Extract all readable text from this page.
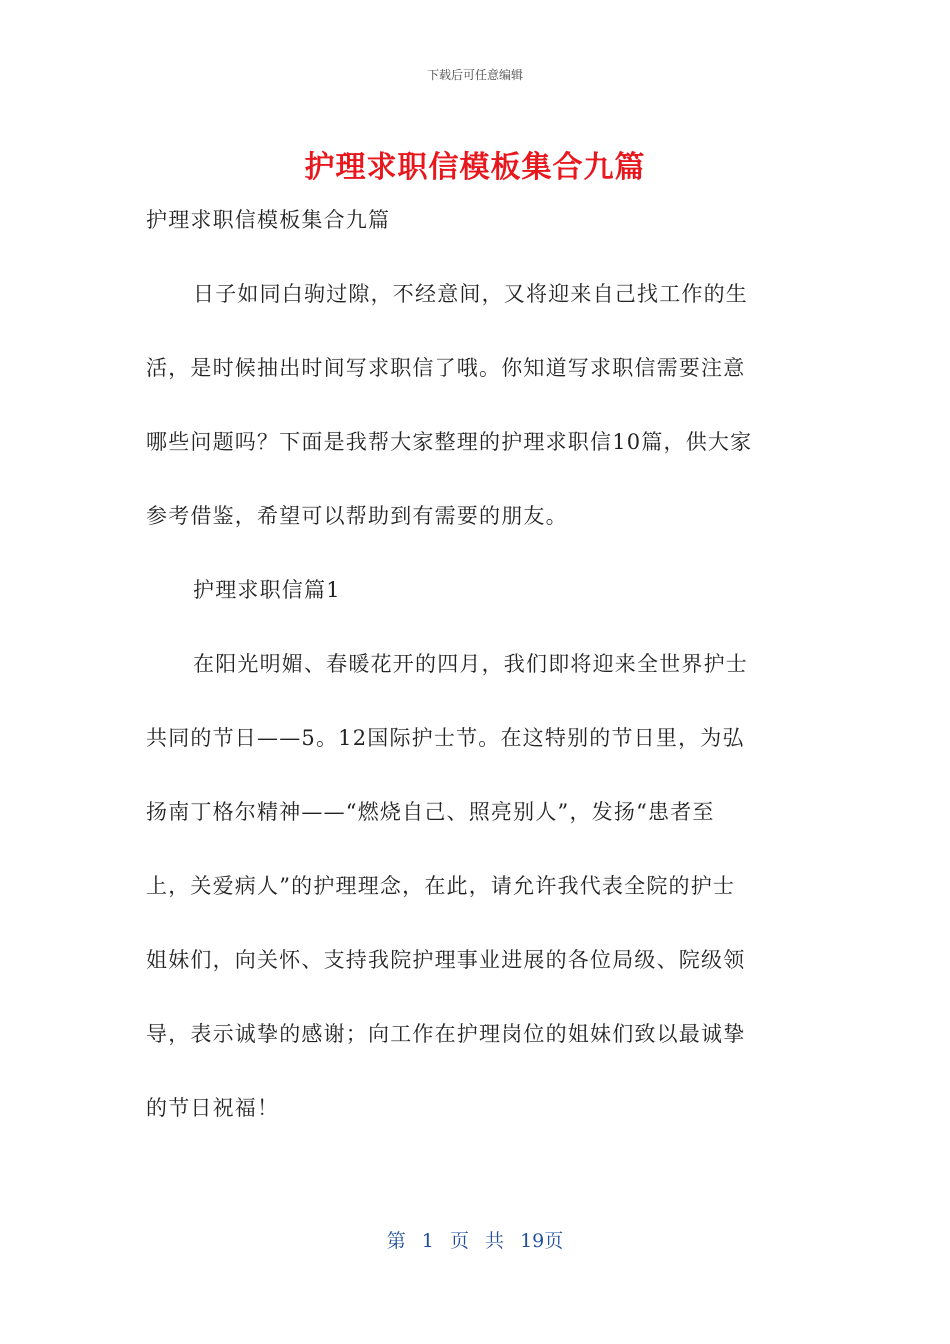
下载后可任意编辑
护理求职信模板集合九篇
护理求职信模板集合九篇
日子如同白驹过隙，不经意间，又将迎来自己找工作的生
活，是时候抽出时间写求职信了哦。你知道写求职信需要注意
哪些问题吗？下面是我帮大家整理的护理求职信10篇，供大家
参考借鉴，希望可以帮助到有需要的朋友。
护理求职信篇1
在阳光明媚、春暖花开的四月，我们即将迎来全世界护士
共同的节日——5。12国际护士节。在这特别的节日里，为弘
扬南丁格尔精神——“燃烧自己、照亮别人”，发扬“患者至
上，关爱病人”的护理理念，在此，请允许我代表全院的护士
姐妹们，向关怀、支持我院护理事业进展的各位局级、院级领
导，表示诚挚的感谢；向工作在护理岗位的姐妹们致以最诚挚
的节日祝福！
第 1 页 共 19页
